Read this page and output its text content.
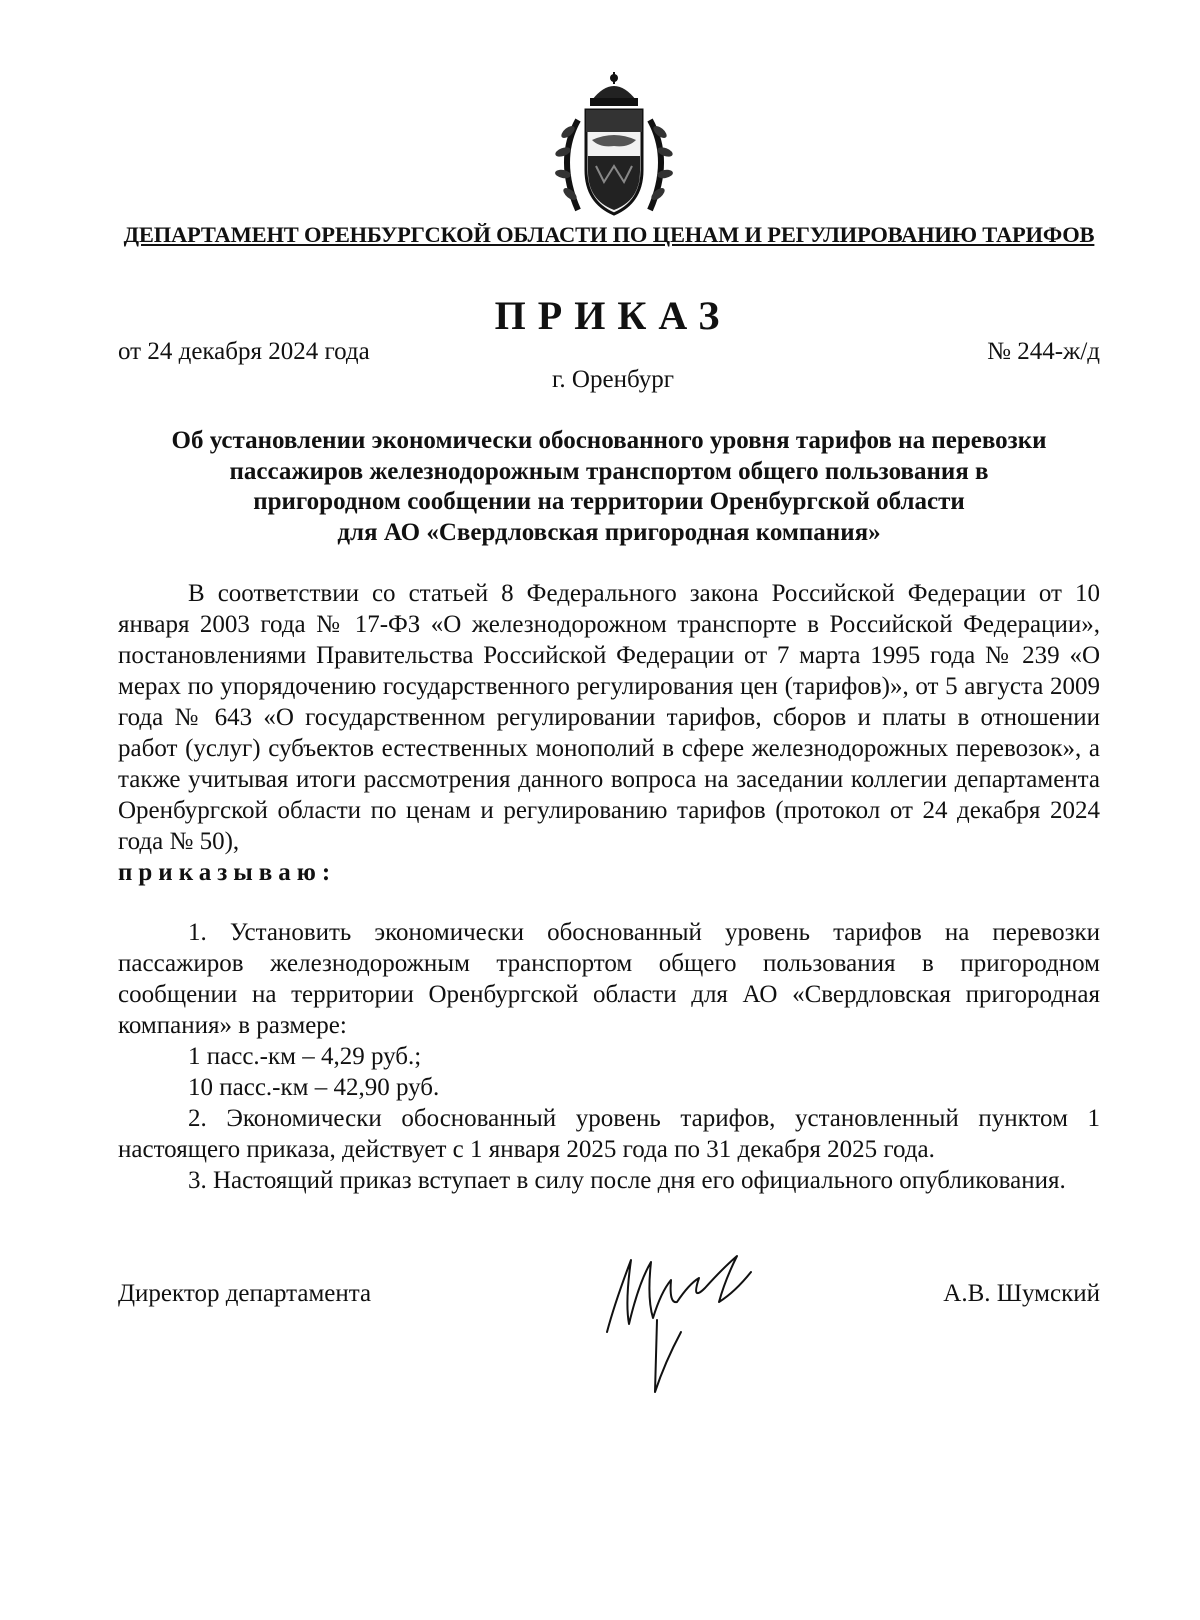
ДЕПАРТАМЕНТ ОРЕНБУРГСКОЙ ОБЛАСТИ ПО ЦЕНАМ И РЕГУЛИРОВАНИЮ ТАРИФОВ
ПРИКАЗ
от 24 декабря 2024 года	№ 244-ж/д
г. Оренбург
Об установлении экономически обоснованного уровня тарифов на перевозки
пассажиров железнодорожным транспортом общего пользования в
пригородном сообщении на территории Оренбургской области
для АО «Свердловская пригородная компания»

В соответствии со статьей 8 Федерального закона Российской Федерации от 10 января 2003 года № 17-ФЗ «О железнодорожном транспорте в Российской Федерации», постановлениями Правительства Российской Федерации от 7 марта 1995 года № 239 «О мерах по упорядочению государственного регулирования цен (тарифов)», от 5 августа 2009 года № 643 «О государственном регулировании тарифов, сборов и платы в отношении работ (услуг) субъектов естественных монополий в сфере железнодорожных перевозок», а также учитывая итоги рассмотрения данного вопроса на заседании коллегии департамента Оренбургской области по ценам и регулированию тарифов (протокол от 24 декабря 2024 года № 50),

приказываю:

1. Установить экономически обоснованный уровень тарифов на перевозки пассажиров железнодорожным транспортом общего пользования в пригородном сообщении на территории Оренбургской области для АО «Свердловская пригородная компания» в размере:

1 пасс.-км – 4,29 руб.;

10 пасс.-км – 42,90 руб.

2. Экономически обоснованный уровень тарифов, установленный пунктом 1 настоящего приказа, действует с 1 января 2025 года по 31 декабря 2025 года.

3. Настоящий приказ вступает в силу после дня его официального опубликования.

Директор департамента	А.В. Шумский
